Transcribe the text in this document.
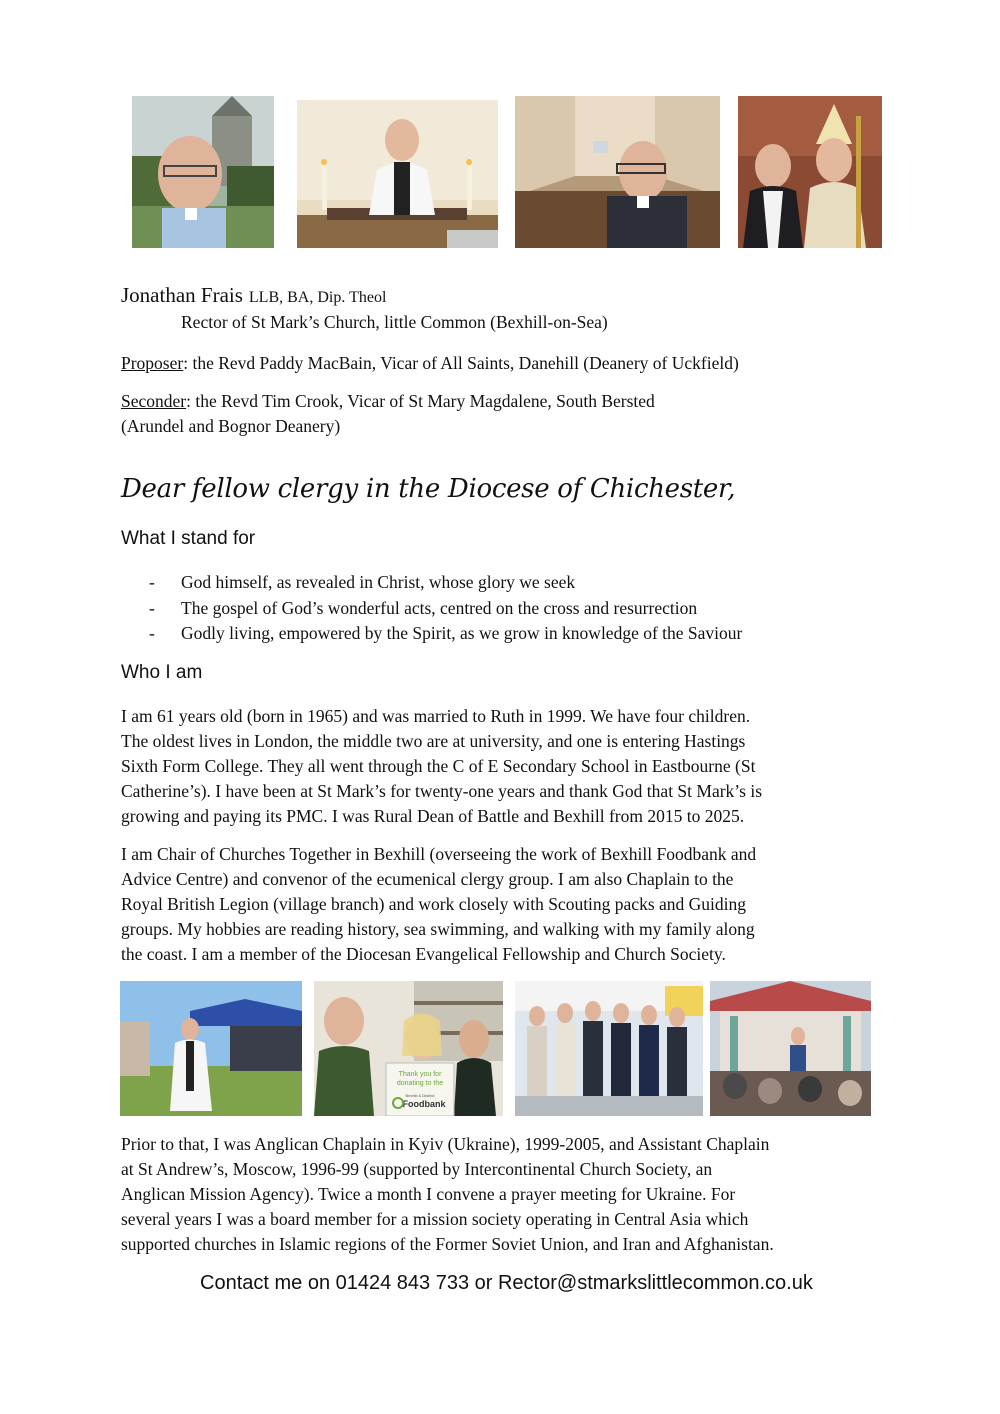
Jonathan Frais LLB, BA, Dip. Theol
Rector of St Mark’s Church, little Common (Bexhill-on-Sea)
Proposer: the Revd Paddy MacBain, Vicar of All Saints, Danehill (Deanery of Uckfield)
Seconder: the Revd Tim Crook, Vicar of St Mary Magdalene, South Bersted
(Arundel and Bognor Deanery)
Dear fellow clergy in the Diocese of Chichester,
What I stand for
- God himself, as revealed in Christ, whose glory we seek
- The gospel of God’s wonderful acts, centred on the cross and resurrection
- Godly living, empowered by the Spirit, as we grow in knowledge of the Saviour
Who I am
I am 61 years old (born in 1965) and was married to Ruth in 1999. We have four children.
The oldest lives in London, the middle two are at university, and one is entering Hastings
Sixth Form College. They all went through the C of E Secondary School in Eastbourne (St
Catherine’s). I have been at St Mark’s for twenty-one years and thank God that St Mark’s is
growing and paying its PMC. I was Rural Dean of Battle and Bexhill from 2015 to 2025.
I am Chair of Churches Together in Bexhill (overseeing the work of Bexhill Foodbank and
Advice Centre) and convenor of the ecumenical clergy group. I am also Chaplain to the
Royal British Legion (village branch) and work closely with Scouting packs and Guiding
groups. My hobbies are reading history, sea swimming, and walking with my family along
the coast. I am a member of the Diocesan Evangelical Fellowship and Church Society.
Thank you for
donating to the
Bexhill & District
Foodbank
Prior to that, I was Anglican Chaplain in Kyiv (Ukraine), 1999-2005, and Assistant Chaplain
at St Andrew’s, Moscow, 1996-99 (supported by Intercontinental Church Society, an
Anglican Mission Agency). Twice a month I convene a prayer meeting for Ukraine. For
several years I was a board member for a mission society operating in Central Asia which
supported churches in Islamic regions of the Former Soviet Union, and Iran and Afghanistan.
Contact me on 01424 843 733 or Rector@stmarkslittlecommon.co.uk
